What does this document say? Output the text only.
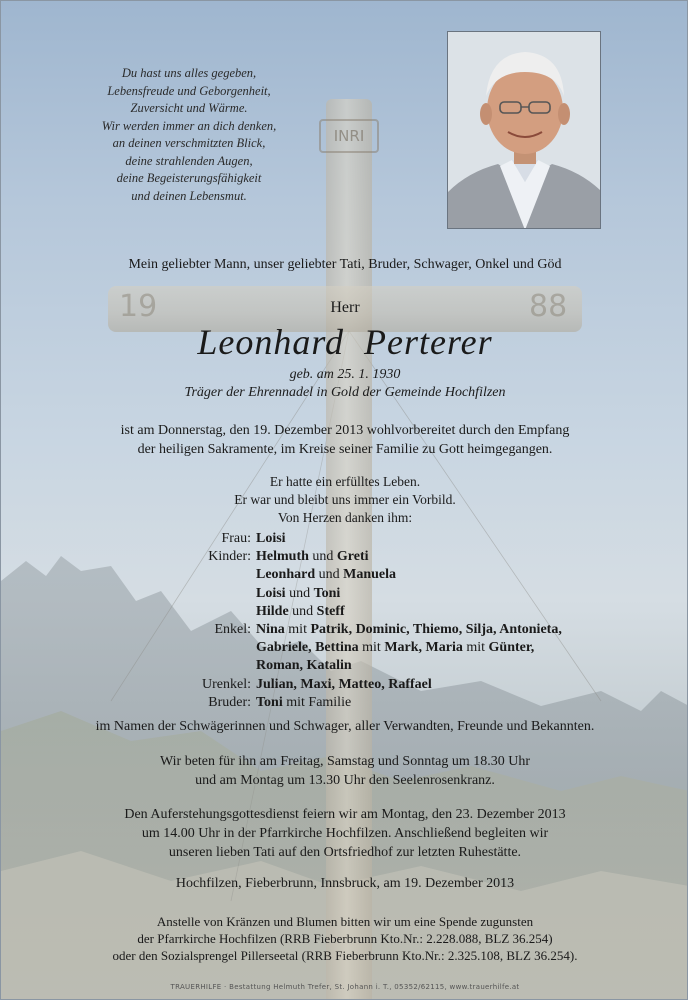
INRI
19	88
Du hast uns alles gegeben,
Lebensfreude und Geborgenheit,
Zuversicht und Wärme.
Wir werden immer an dich denken,
an deinen verschmitzten Blick,
deine strahlenden Augen,
deine Begeisterungsfähigkeit
und deinen Lebensmut.
Mein geliebter Mann, unser geliebter Tati, Bruder, Schwager, Onkel und Göd
Herr
Leonhard  Perterer
geb. am 25. 1. 1930
Träger der Ehrennadel in Gold der Gemeinde Hochfilzen
ist am Donnerstag, den 19. Dezember 2013 wohlvorbereitet durch den Empfang
der heiligen Sakramente, im Kreise seiner Familie zu Gott heimgegangen.
Er hatte ein erfülltes Leben.
Er war und bleibt uns immer ein Vorbild.
Von Herzen danken ihm:
Frau: Loisi
Kinder: Helmuth und Greti
Leonhard und Manuela
Loisi und Toni
Hilde und Steff
Enkel: Nina mit Patrik, Dominic, Thiemo, Silja, Antonieta,
Gabriele, Bettina mit Mark, Maria mit Günter,
Roman, Katalin
Urenkel: Julian, Maxi, Matteo, Raffael
Bruder: Toni mit Familie
im Namen der Schwägerinnen und Schwager, aller Verwandten, Freunde und Bekannten.
Wir beten für ihn am Freitag, Samstag und Sonntag um 18.30 Uhr
und am Montag um 13.30 Uhr den Seelenrosenkranz.
Den Auferstehungsgottesdienst feiern wir am Montag, den 23. Dezember 2013
um 14.00 Uhr in der Pfarrkirche Hochfilzen. Anschließend begleiten wir
unseren lieben Tati auf den Ortsfriedhof zur letzten Ruhestätte.
Hochfilzen, Fieberbrunn, Innsbruck, am 19. Dezember 2013
Anstelle von Kränzen und Blumen bitten wir um eine Spende zugunsten
der Pfarrkirche Hochfilzen (RRB Fieberbrunn Kto.Nr.: 2.228.088, BLZ 36.254)
oder den Sozialsprengel Pillerseetal (RRB Fieberbrunn Kto.Nr.: 2.325.108, BLZ 36.254).
TRAUERHILFE · Bestattung Helmuth Trefer, St. Johann i. T., 05352/62115, www.trauerhilfe.at
